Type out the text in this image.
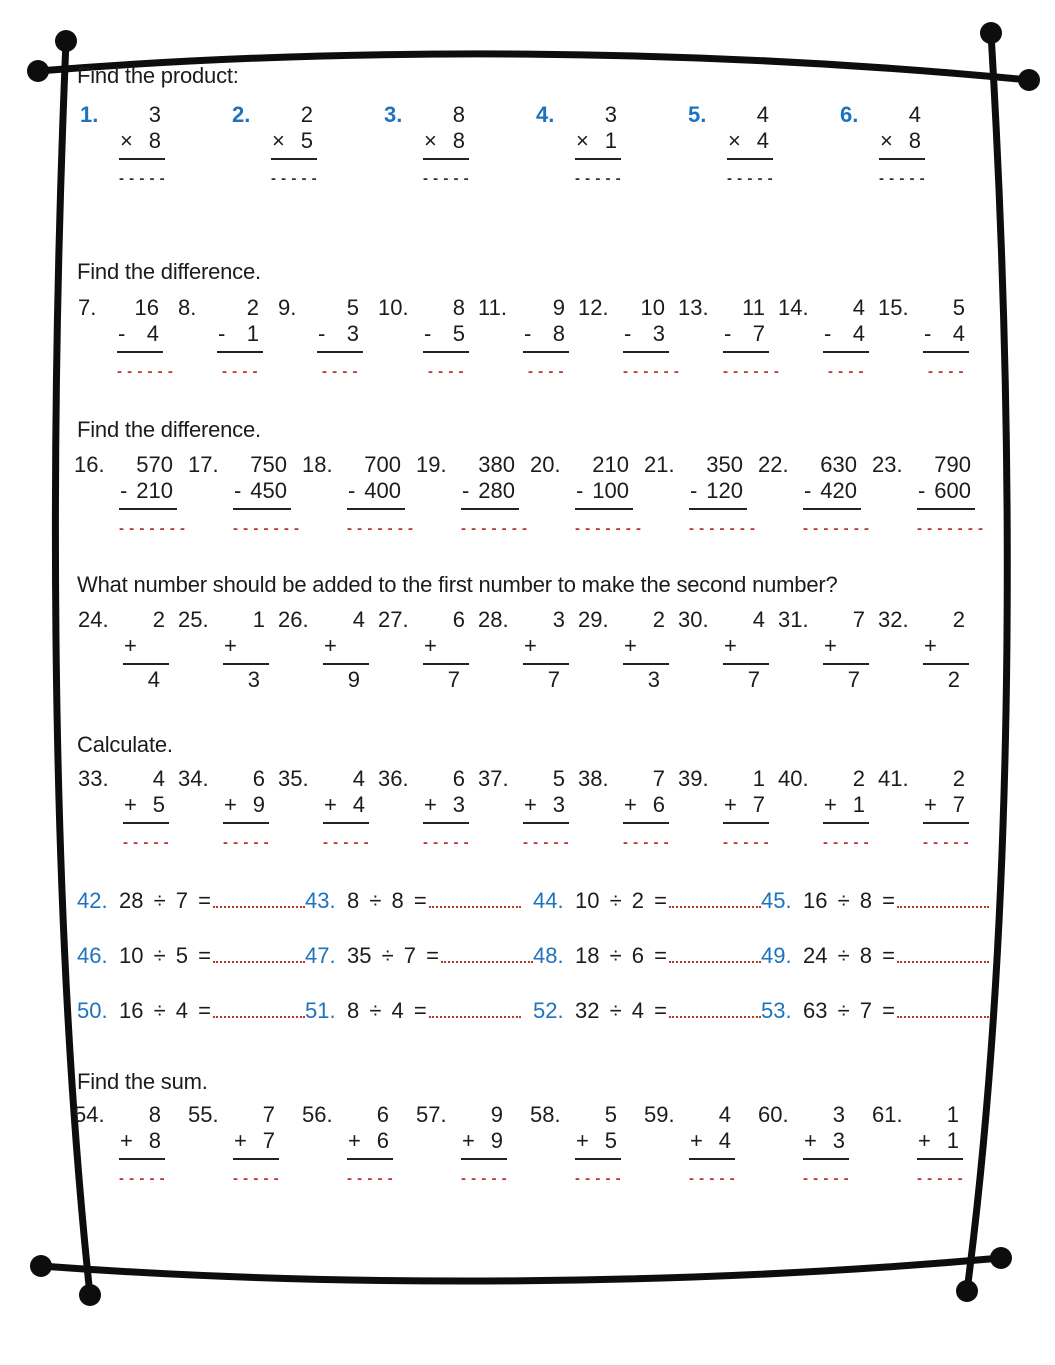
Find the product:
Find the difference.
Find the difference.
What number should be added to the first number to make the second number?
Calculate.
Find the sum.
1.	3
× 8
- - - - -
2.	2
× 5
- - - - -
3.	8
× 8
- - - - -
4.	3
× 1
- - - - -
5.	4
× 4
- - - - -
6.	4
× 8
- - - - -
7.	16
- 4
- - - - - -
8.	2
- 1
- - - -
9.	5
- 3
- - - -
10.	8
- 5
- - - -
11.	9
- 8
- - - -
12.	10
- 3
- - - - - -
13.	11
- 7
- - - - - -
14.	4
- 4
- - - -
15.	5
- 4
- - - -
16.	570
- 210
- - - - - - -
17.	750
- 450
- - - - - - -
18.	700
- 400
- - - - - - -
19.	380
- 280
- - - - - - -
20.	210
- 100
- - - - - - -
21.	350
- 120
- - - - - - -
22.	630
- 420
- - - - - - -
23.	790
- 600
- - - - - - -
24.	2
+
4
25.	1
+
3
26.	4
+
9
27.	6
+
7
28.	3
+
7
29.	2
+
3
30.	4
+
7
31.	7
+
7
32.	2
+
2
33.	4
+ 5
- - - - -
34.	6
+ 9
- - - - -
35.	4
+ 4
- - - - -
36.	6
+ 3
- - - - -
37.	5
+ 3
- - - - -
38.	7
+ 6
- - - - -
39.	1
+ 7
- - - - -
40.	2
+ 1
- - - - -
41.	2
+ 7
- - - - -
42. 28 ÷ 7 =	43. 8 ÷ 8 =	44. 10 ÷ 2 =	45. 16 ÷ 8 =
46. 10 ÷ 5 =	47. 35 ÷ 7 =	48. 18 ÷ 6 =	49. 24 ÷ 8 =
50. 16 ÷ 4 =	51. 8 ÷ 4 =	52. 32 ÷ 4 =	53. 63 ÷ 7 =
54.	8
+ 8
- - - - -
55.	7
+ 7
- - - - -
56.	6
+ 6
- - - - -
57.	9
+ 9
- - - - -
58.	5
+ 5
- - - - -
59.	4
+ 4
- - - - -
60.	3
+ 3
- - - - -
61.	1
+ 1
- - - - -
